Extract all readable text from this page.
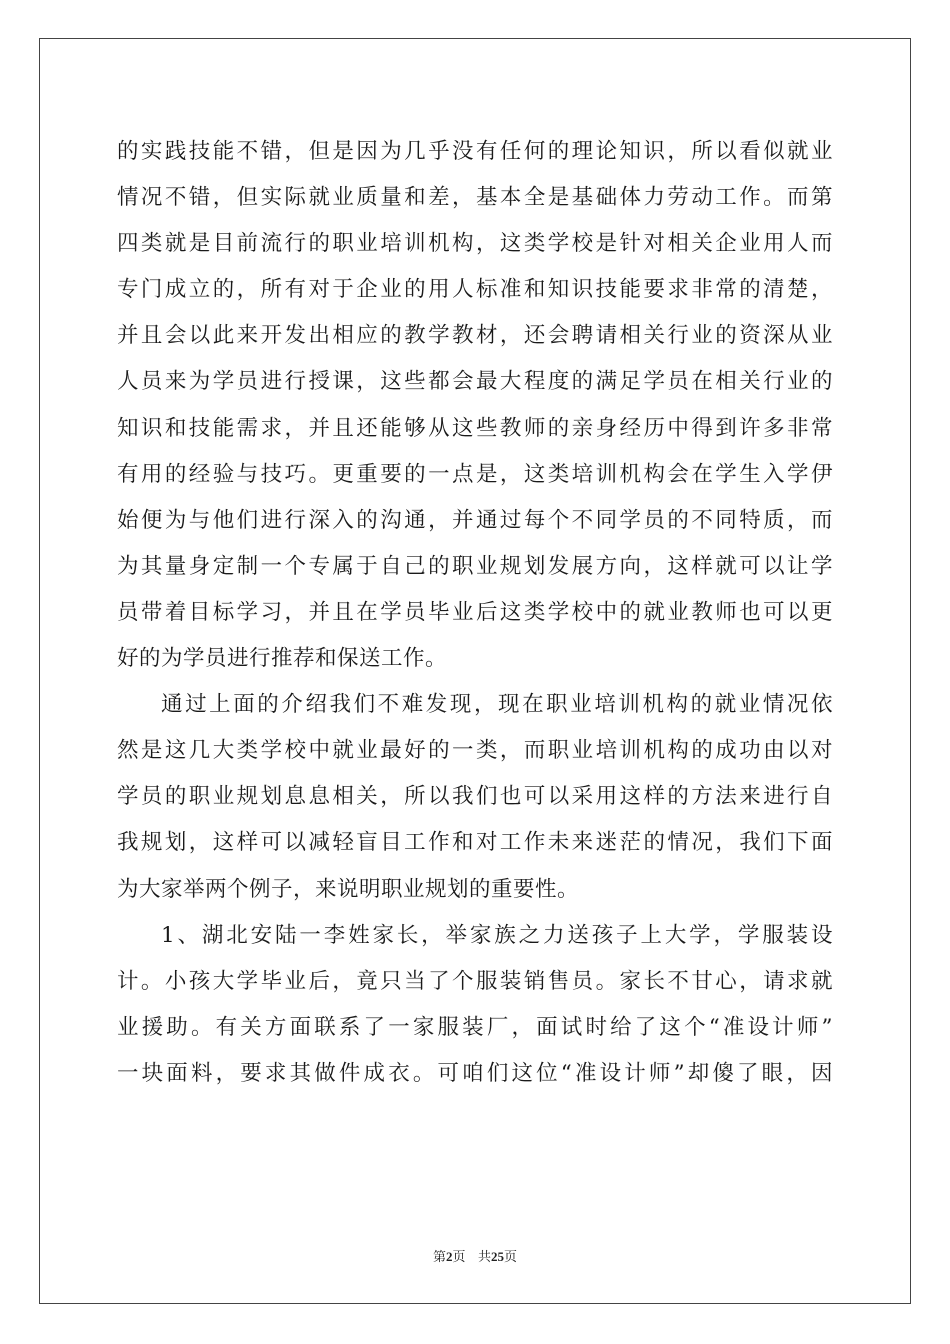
的实践技能不错，但是因为几乎没有任何的理论知识，所以看似就业
情况不错，但实际就业质量和差，基本全是基础体力劳动工作。而第
四类就是目前流行的职业培训机构，这类学校是针对相关企业用人而
专门成立的，所有对于企业的用人标准和知识技能要求非常的清楚，
并且会以此来开发出相应的教学教材，还会聘请相关行业的资深从业
人员来为学员进行授课，这些都会最大程度的满足学员在相关行业的
知识和技能需求，并且还能够从这些教师的亲身经历中得到许多非常
有用的经验与技巧。更重要的一点是，这类培训机构会在学生入学伊
始便为与他们进行深入的沟通，并通过每个不同学员的不同特质，而
为其量身定制一个专属于自己的职业规划发展方向，这样就可以让学
员带着目标学习，并且在学员毕业后这类学校中的就业教师也可以更
好的为学员进行推荐和保送工作。
通过上面的介绍我们不难发现，现在职业培训机构的就业情况依
然是这几大类学校中就业最好的一类，而职业培训机构的成功由以对
学员的职业规划息息相关，所以我们也可以采用这样的方法来进行自
我规划，这样可以减轻盲目工作和对工作未来迷茫的情况，我们下面
为大家举两个例子，来说明职业规划的重要性。
1、湖北安陆一李姓家长，举家族之力送孩子上大学，学服装设
计。小孩大学毕业后，竟只当了个服装销售员。家长不甘心，请求就
业援助。有关方面联系了一家服装厂，面试时给了这个“准设计师”
一块面料，要求其做件成衣。可咱们这位“准设计师”却傻了眼，因
第2页 共25页
